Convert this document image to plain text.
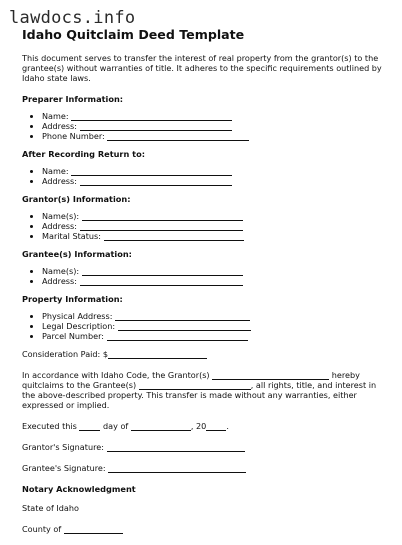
lawdocs.info
Idaho Quitclaim Deed Template

This document serves to transfer the interest of real property from the grantor(s) to the grantee(s) without warranties of title. It adheres to the specific requirements outlined by Idaho state laws.

Preparer Information:
• Name:
• Address:
• Phone Number:
After Recording Return to:
• Name:
• Address:
Grantor(s) Information:
• Name(s):
• Address:
• Marital Status:
Grantee(s) Information:
• Name(s):
• Address:
Property Information:
• Physical Address:
• Legal Description:
• Parcel Number:
Consideration Paid: $

In accordance with Idaho Code, the Grantor(s)	hereby quitclaims to the Grantee(s)	, all rights, title, and interest in the above-described property. This transfer is made without any warranties, either expressed or implied.

Executed this	day of	, 20 .
Grantor's Signature:
Grantee's Signature:
Notary Acknowledgment
State of Idaho
County of
